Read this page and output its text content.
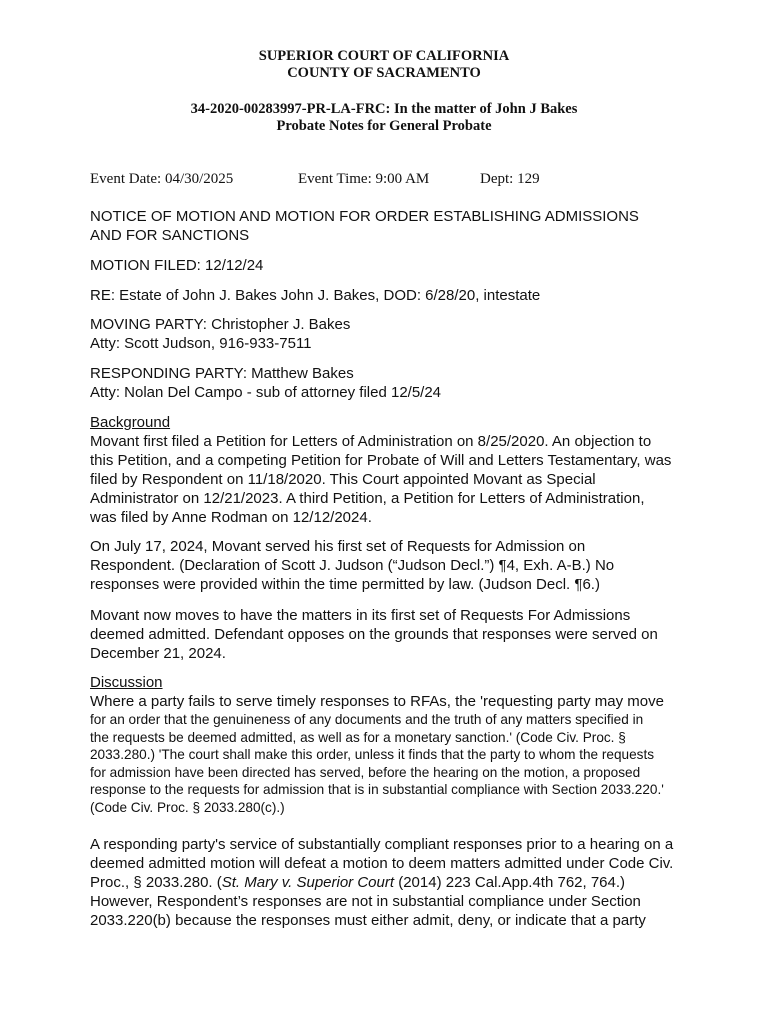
SUPERIOR COURT OF CALIFORNIA
COUNTY OF SACRAMENTO
34-2020-00283997-PR-LA-FRC: In the matter of John J Bakes
Probate Notes for General Probate
Event Date: 04/30/2025	Event Time: 9:00 AM	Dept: 129

NOTICE OF MOTION AND MOTION FOR ORDER ESTABLISHING ADMISSIONS

AND FOR SANCTIONS

MOTION FILED: 12/12/24
RE: Estate of John J. Bakes John J. Bakes, DOD: 6/28/20, intestate

MOVING PARTY: Christopher J. Bakes

Atty: Scott Judson, 916-933-7511

RESPONDING PARTY: Matthew Bakes

Atty: Nolan Del Campo - sub of attorney filed 12/5/24

Background

Movant first filed a Petition for Letters of Administration on 8/25/2020. An objection to

this Petition, and a competing Petition for Probate of Will and Letters Testamentary, was

filed by Respondent on 11/18/2020. This Court appointed Movant as Special

Administrator on 12/21/2023. A third Petition, a Petition for Letters of Administration,

was filed by Anne Rodman on 12/12/2024.

On July 17, 2024, Movant served his first set of Requests for Admission on

Respondent. (Declaration of Scott J. Judson (“Judson Decl.”) ¶4, Exh. A-B.) No

responses were provided within the time permitted by law. (Judson Decl. ¶6.)

Movant now moves to have the matters in its first set of Requests For Admissions

deemed admitted. Defendant opposes on the grounds that responses were served on

December 21, 2024.

Discussion

Where a party fails to serve timely responses to RFAs, the 'requesting party may move

for an order that the genuineness of any documents and the truth of any matters specified in

the requests be deemed admitted, as well as for a monetary sanction.' (Code Civ. Proc. §

2033.280.) 'The court shall make this order, unless it finds that the party to whom the requests

for admission have been directed has served, before the hearing on the motion, a proposed

response to the requests for admission that is in substantial compliance with Section 2033.220.'

(Code Civ. Proc. § 2033.280(c).)

A responding party's service of substantially compliant responses prior to a hearing on a

deemed admitted motion will defeat a motion to deem matters admitted under Code Civ.

Proc., § 2033.280. (St. Mary v. Superior Court (2014) 223 Cal.App.4th 762, 764.)

However, Respondent’s responses are not in substantial compliance under Section

2033.220(b) because the responses must either admit, deny, or indicate that a party
